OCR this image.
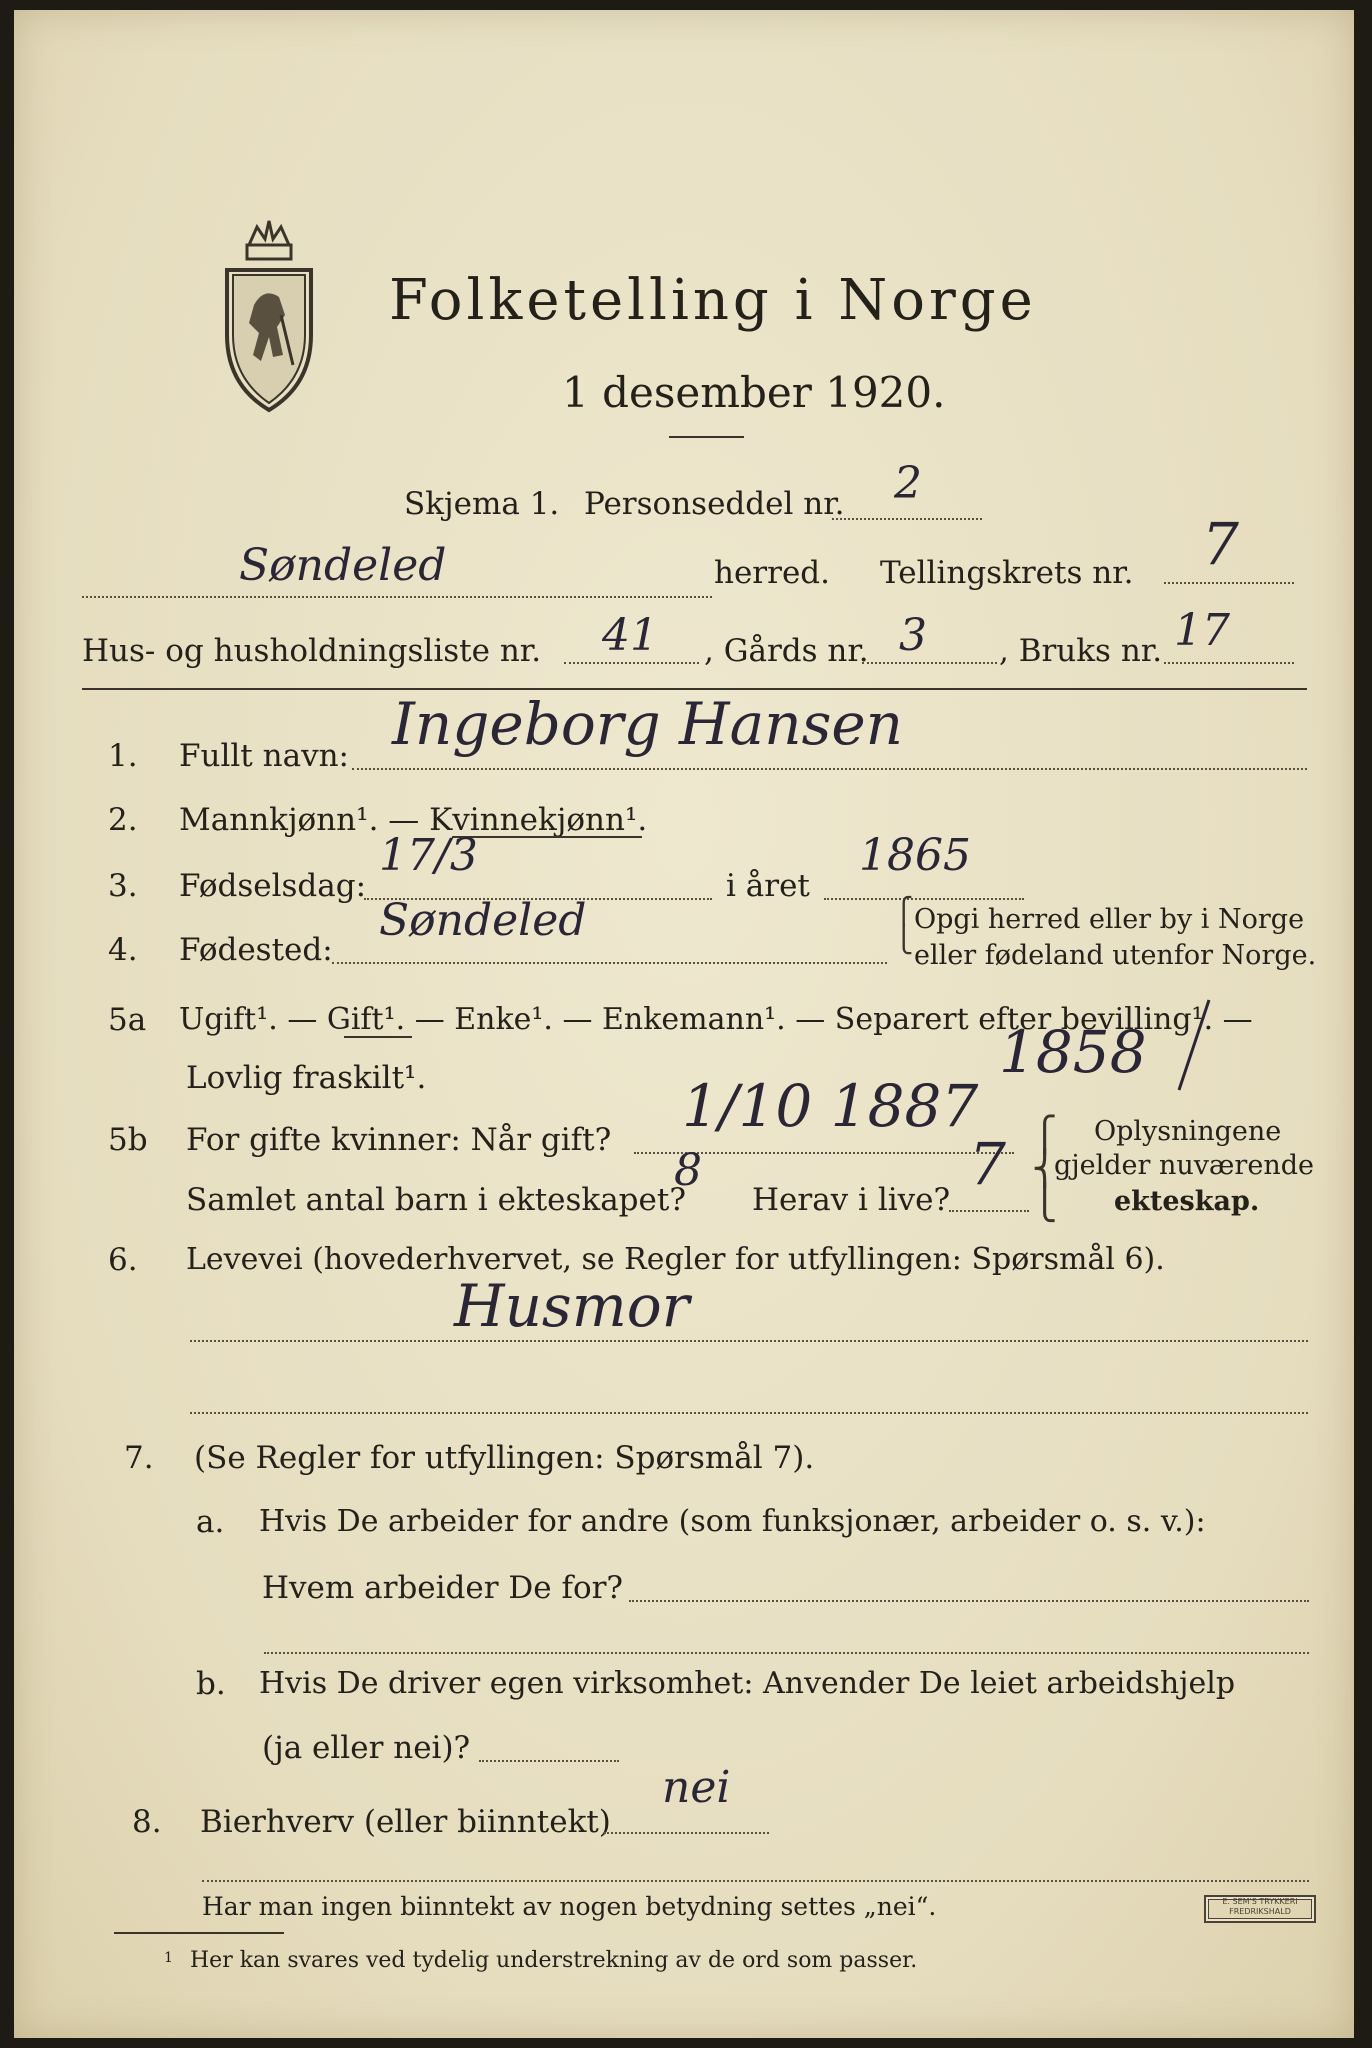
Folketelling i Norge
1 desember 1920.
Skjema 1. Personseddel nr. 2
Søndeled	herred. Tellingskrets nr. 7
Hus- og husholdningsliste nr. 41 , Gårds nr. 3 , Bruks nr. 17
1. Fullt navn: Ingeborg Hansen
2. Mannkjønn¹. — Kvinnekjønn¹.
3. Fødselsdag:
17/3
i året
1865
4. Fødested:
Søndeled	⎧
⎩
Opgi herred eller by i Norge
eller fødeland utenfor Norge.
5a Ugift¹. — Gift¹. — Enke¹. — Enkemann¹. — Separert efter bevilling¹. —
Lovlig fraskilt¹.
5b For gifte kvinner: Når gift? 1/10 1887
1858
Samlet antal barn i ekteskapet?
8
Herav i live?
7 ⎧
⎨
⎩
Oplysningene
gjelder nuværende
ekteskap.
6. Levevei (hovederhvervet, se Regler for utfyllingen: Spørsmål 6).
Husmor
7. (Se Regler for utfyllingen: Spørsmål 7).
a. Hvis De arbeider for andre (som funksjonær, arbeider o. s. v.):
Hvem arbeider De for?
b. Hvis De driver egen virksomhet: Anvender De leiet arbeidshjelp
(ja eller nei)?
8. Bierhverv (eller biinntekt)
nei
Har man ingen biinntekt av nogen betydning settes „nei“.
1 Her kan svares ved tydelig understrekning av de ord som passer.
E. SEM'S TRYKKERI
FREDRIKSHALD
